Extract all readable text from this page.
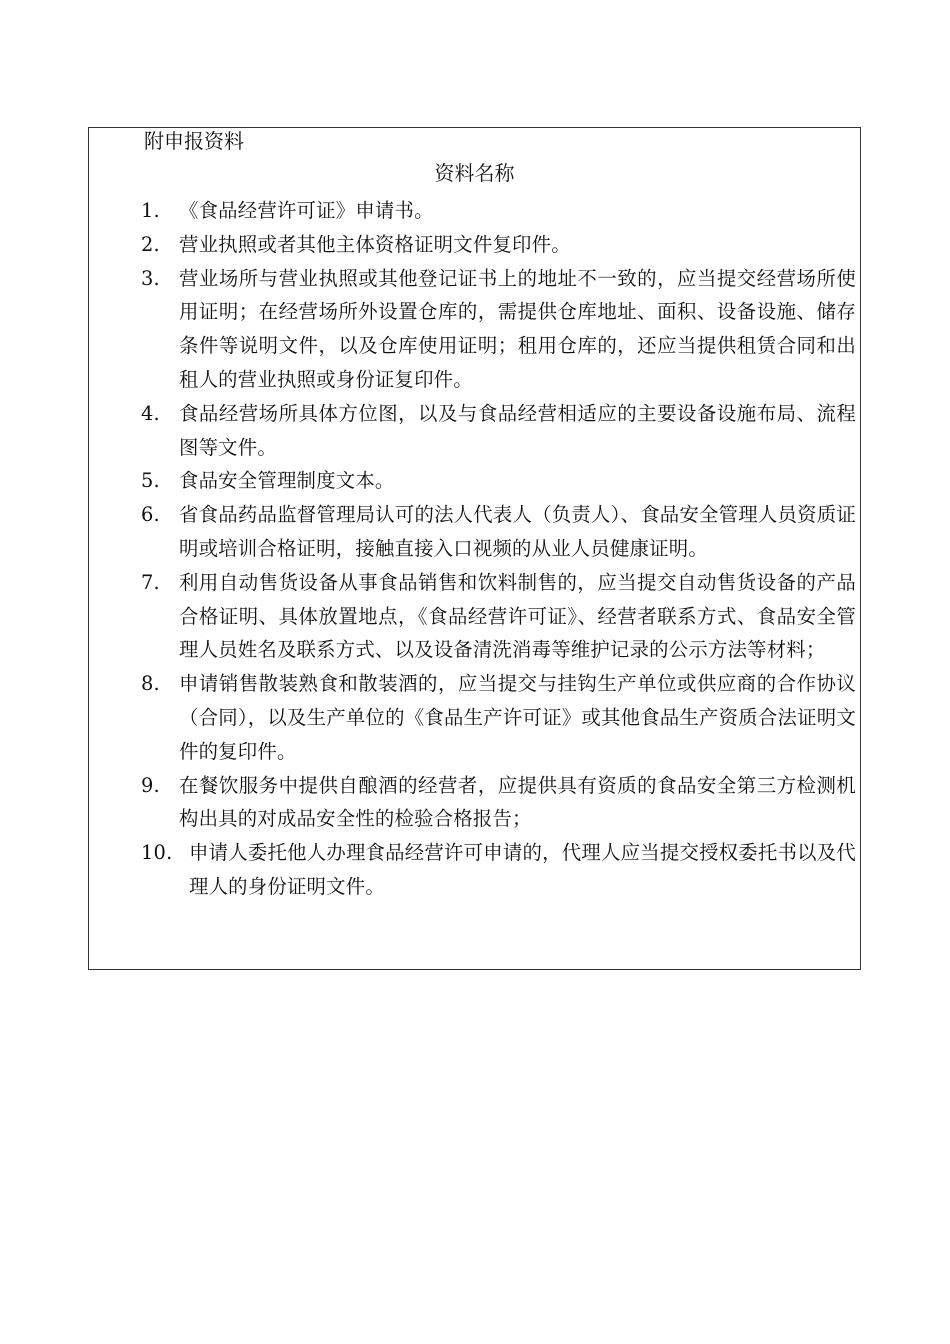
附申报资料
资料名称
1. 《食品经营许可证》申请书。
2. 营业执照或者其他主体资格证明文件复印件。
3. 营业场所与营业执照或其他登记证书上的地址不一致的，应当提交经营场所使用证明；在经营场所外设置仓库的，需提供仓库地址、面积、设备设施、储存条件等说明文件，以及仓库使用证明；租用仓库的，还应当提供租赁合同和出租人的营业执照或身份证复印件。
4. 食品经营场所具体方位图，以及与食品经营相适应的主要设备设施布局、流程图等文件。
5. 食品安全管理制度文本。
6. 省食品药品监督管理局认可的法人代表人（负责人）、食品安全管理人员资质证明或培训合格证明，接触直接入口视频的从业人员健康证明。
7. 利用自动售货设备从事食品销售和饮料制售的，应当提交自动售货设备的产品合格证明、具体放置地点，《食品经营许可证》、经营者联系方式、食品安全管理人员姓名及联系方式、以及设备清洗消毒等维护记录的公示方法等材料；
8. 申请销售散装熟食和散装酒的，应当提交与挂钩生产单位或供应商的合作协议（合同），以及生产单位的《食品生产许可证》或其他食品生产资质合法证明文件的复印件。
9. 在餐饮服务中提供自酿酒的经营者，应提供具有资质的食品安全第三方检测机构出具的对成品安全性的检验合格报告；
10. 申请人委托他人办理食品经营许可申请的，代理人应当提交授权委托书以及代理人的身份证明文件。
